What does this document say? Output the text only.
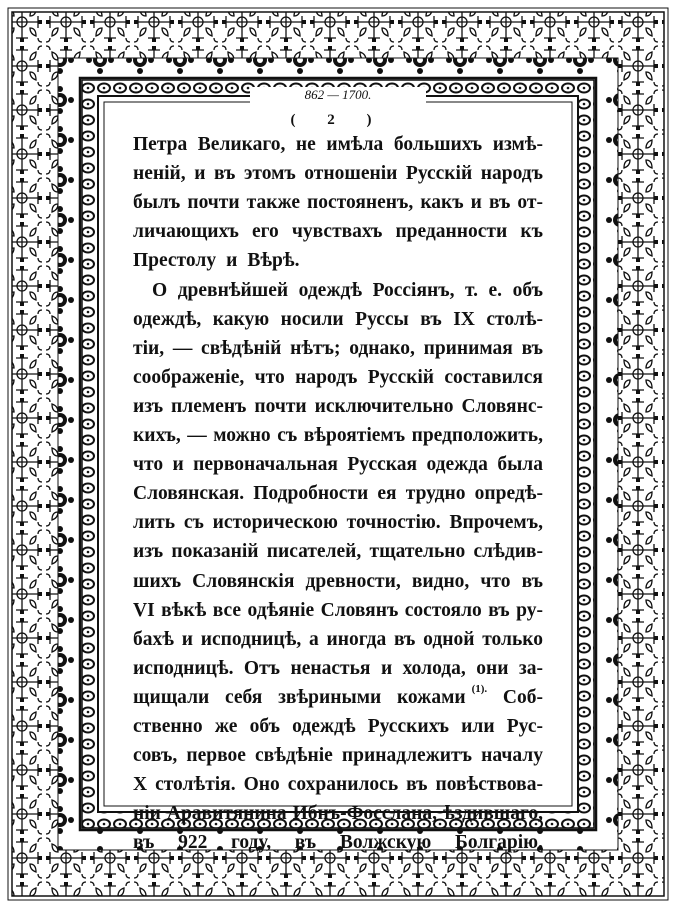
862 — 1700.
( 2 )
Петра Великаго, не имѣла большихъ измѣ-
неній, и въ этомъ отношеніи Русскій народъ
былъ почти также постояненъ, какъ и въ от-
личающихъ его чувствахъ преданности къ
Престолу и Вѣрѣ.
О древнѣйшей одеждѣ Россіянъ, т. е. объ
одеждѣ, какую носили Руссы въ IX столѣ-
тіи, — свѣдѣній нѣтъ; однако, принимая въ
соображеніе, что народъ Русскій составился
изъ племенъ почти исключительно Словянс-
кихъ, — можно съ вѣроятіемъ предположить,
что и первоначальная Русская одежда была
Словянская. Подробности ея трудно опредѣ-
лить съ историческою точностію. Впрочемъ,
изъ показаній писателей, тщательно слѣдив-
шихъ Словянскія древности, видно, что въ
VI вѣкѣ все одѣяніе Словянъ состояло въ ру-
бахѣ и исподницѣ, а иногда въ одной только
исподницѣ. Отъ ненастья и холода, они за-
щищали себя звѣриными кожами (1). Соб-
ственно же объ одеждѣ Русскихъ или Рус-
совъ, первое свѣдѣніе принадлежитъ началу
X столѣтія. Оно сохранилось въ повѣствова-
ніи Аравитянина Ибнъ-Фосслана, ѣздившаго,
въ 922 году, въ Волжскую Болгарію,
